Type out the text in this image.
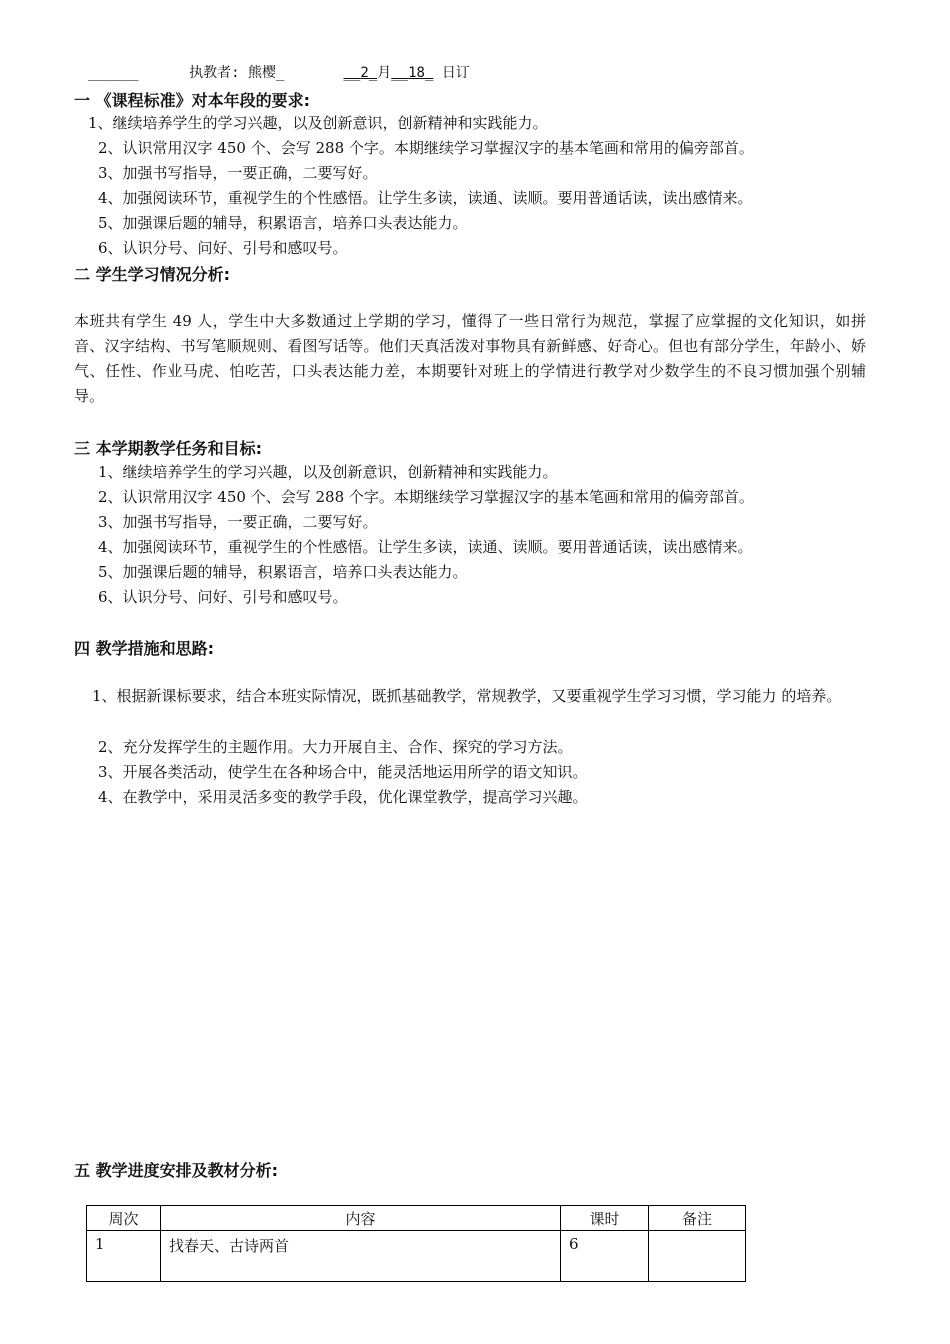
______	执教者: 熊樱_	__2_月__18_ 日订
一 《课程标准》对本年段的要求:
1、继续培养学生的学习兴趣，以及创新意识，创新精神和实践能力。
2、认识常用汉字 450 个、会写 288 个字。本期继续学习掌握汉字的基本笔画和常用的偏旁部首。
3、加强书写指导，一要正确，二要写好。
4、加强阅读环节，重视学生的个性感悟。让学生多读，读通、读顺。要用普通话读，读出感情来。
5、加强课后题的辅导，积累语言，培养口头表达能力。
6、认识分号、问好、引号和感叹号。
二 学生学习情况分析:
本班共有学生 49 人，学生中大多数通过上学期的学习，懂得了一些日常行为规范，掌握了应掌握的文化知识，如拼音、汉字结构、书写笔顺规则、看图写话等。他们天真活泼对事物具有新鲜感、好奇心。但也有部分学生，年龄小、娇气、任性、作业马虎、怕吃苦，口头表达能力差，本期要针对班上的学情进行教学对少数学生的不良习惯加强个别辅导。
三 本学期教学任务和目标:
1、继续培养学生的学习兴趣，以及创新意识，创新精神和实践能力。
2、认识常用汉字 450 个、会写 288 个字。本期继续学习掌握汉字的基本笔画和常用的偏旁部首。
3、加强书写指导，一要正确，二要写好。
4、加强阅读环节，重视学生的个性感悟。让学生多读，读通、读顺。要用普通话读，读出感情来。
5、加强课后题的辅导，积累语言，培养口头表达能力。
6、认识分号、问好、引号和感叹号。
四 教学措施和思路:
1、根据新课标要求，结合本班实际情况，既抓基础教学，常规教学，又要重视学生学习习惯，学习能力 的培养。
2、充分发挥学生的主题作用。大力开展自主、合作、探究的学习方法。
3、开展各类活动，使学生在各种场合中，能灵活地运用所学的语文知识。
4、在教学中，采用灵活多变的教学手段，优化课堂教学，提高学习兴趣。
五 教学进度安排及教材分析:
周次	内容	课时	备注
1	找春天、古诗两首	6	
